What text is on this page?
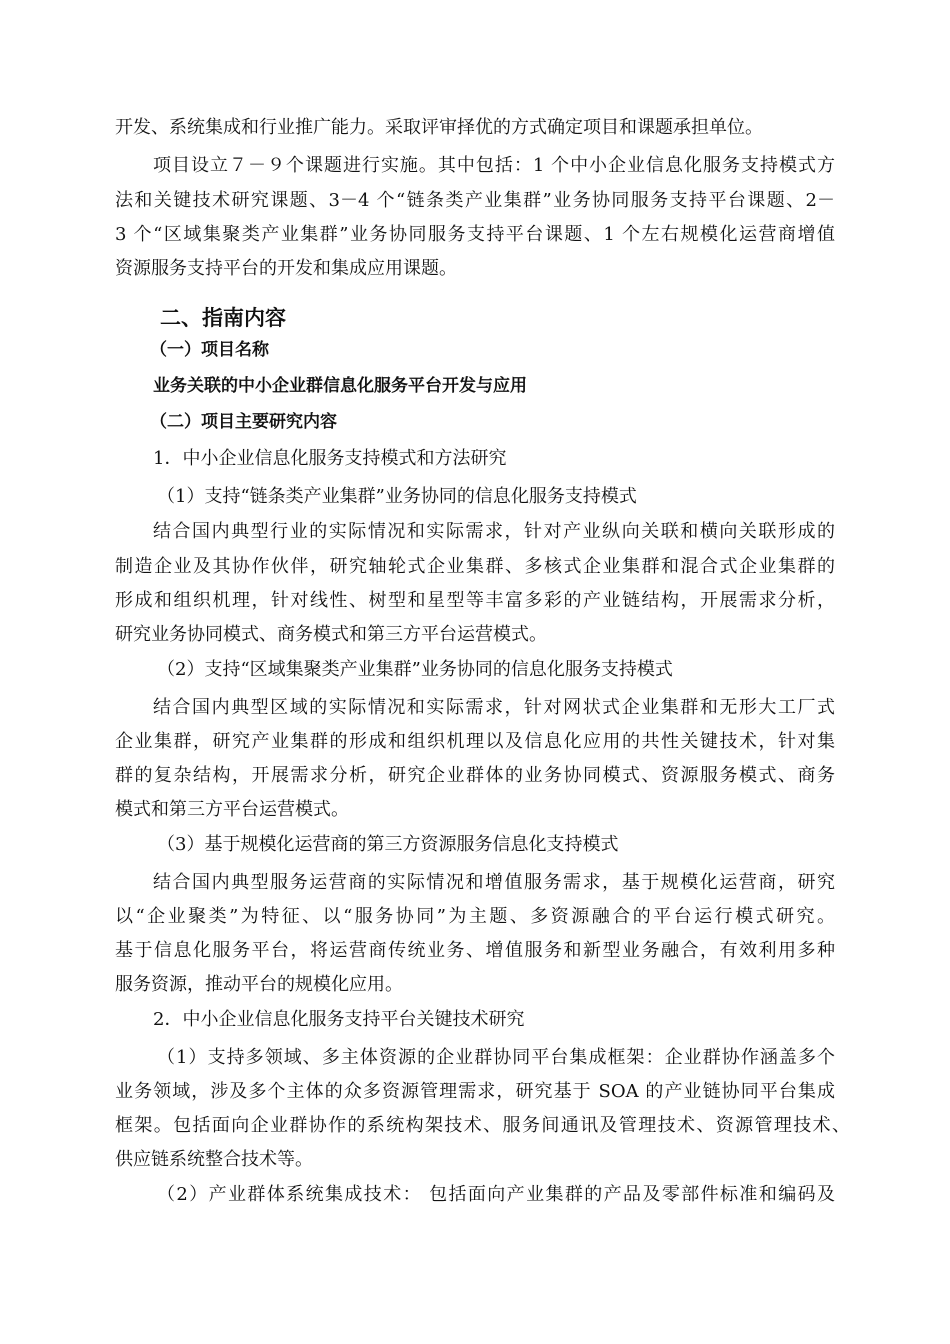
开发、系统集成和行业推广能力。采取评审择优的方式确定项目和课题承担单位。
项目设立７－９个课题进行实施。其中包括：1 个中小企业信息化服务支持模式方
法和关键技术研究课题、3－4 个“链条类产业集群”业务协同服务支持平台课题、2－
3 个“区域集聚类产业集群”业务协同服务支持平台课题、1 个左右规模化运营商增值
资源服务支持平台的开发和集成应用课题。
二、指南内容
（一）项目名称
业务关联的中小企业群信息化服务平台开发与应用
（二）项目主要研究内容
1．中小企业信息化服务支持模式和方法研究
（1）支持“链条类产业集群”业务协同的信息化服务支持模式
结合国内典型行业的实际情况和实际需求，针对产业纵向关联和横向关联形成的
制造企业及其协作伙伴，研究轴轮式企业集群、多核式企业集群和混合式企业集群的
形成和组织机理，针对线性、树型和星型等丰富多彩的产业链结构，开展需求分析，
研究业务协同模式、商务模式和第三方平台运营模式。
（2）支持“区域集聚类产业集群”业务协同的信息化服务支持模式
结合国内典型区域的实际情况和实际需求，针对网状式企业集群和无形大工厂式
企业集群，研究产业集群的形成和组织机理以及信息化应用的共性关键技术，针对集
群的复杂结构，开展需求分析，研究企业群体的业务协同模式、资源服务模式、商务
模式和第三方平台运营模式。
（3）基于规模化运营商的第三方资源服务信息化支持模式
结合国内典型服务运营商的实际情况和增值服务需求，基于规模化运营商，研究
以“企业聚类”为特征、以“服务协同”为主题、多资源融合的平台运行模式研究。
基于信息化服务平台，将运营商传统业务、增值服务和新型业务融合，有效利用多种
服务资源，推动平台的规模化应用。
2．中小企业信息化服务支持平台关键技术研究
（1）支持多领域、多主体资源的企业群协同平台集成框架：企业群协作涵盖多个
业务领域，涉及多个主体的众多资源管理需求，研究基于 SOA 的产业链协同平台集成
框架。包括面向企业群协作的系统构架技术、服务间通讯及管理技术、资源管理技术、
供应链系统整合技术等。
（2）产业群体系统集成技术： 包括面向产业集群的产品及零部件标准和编码及
